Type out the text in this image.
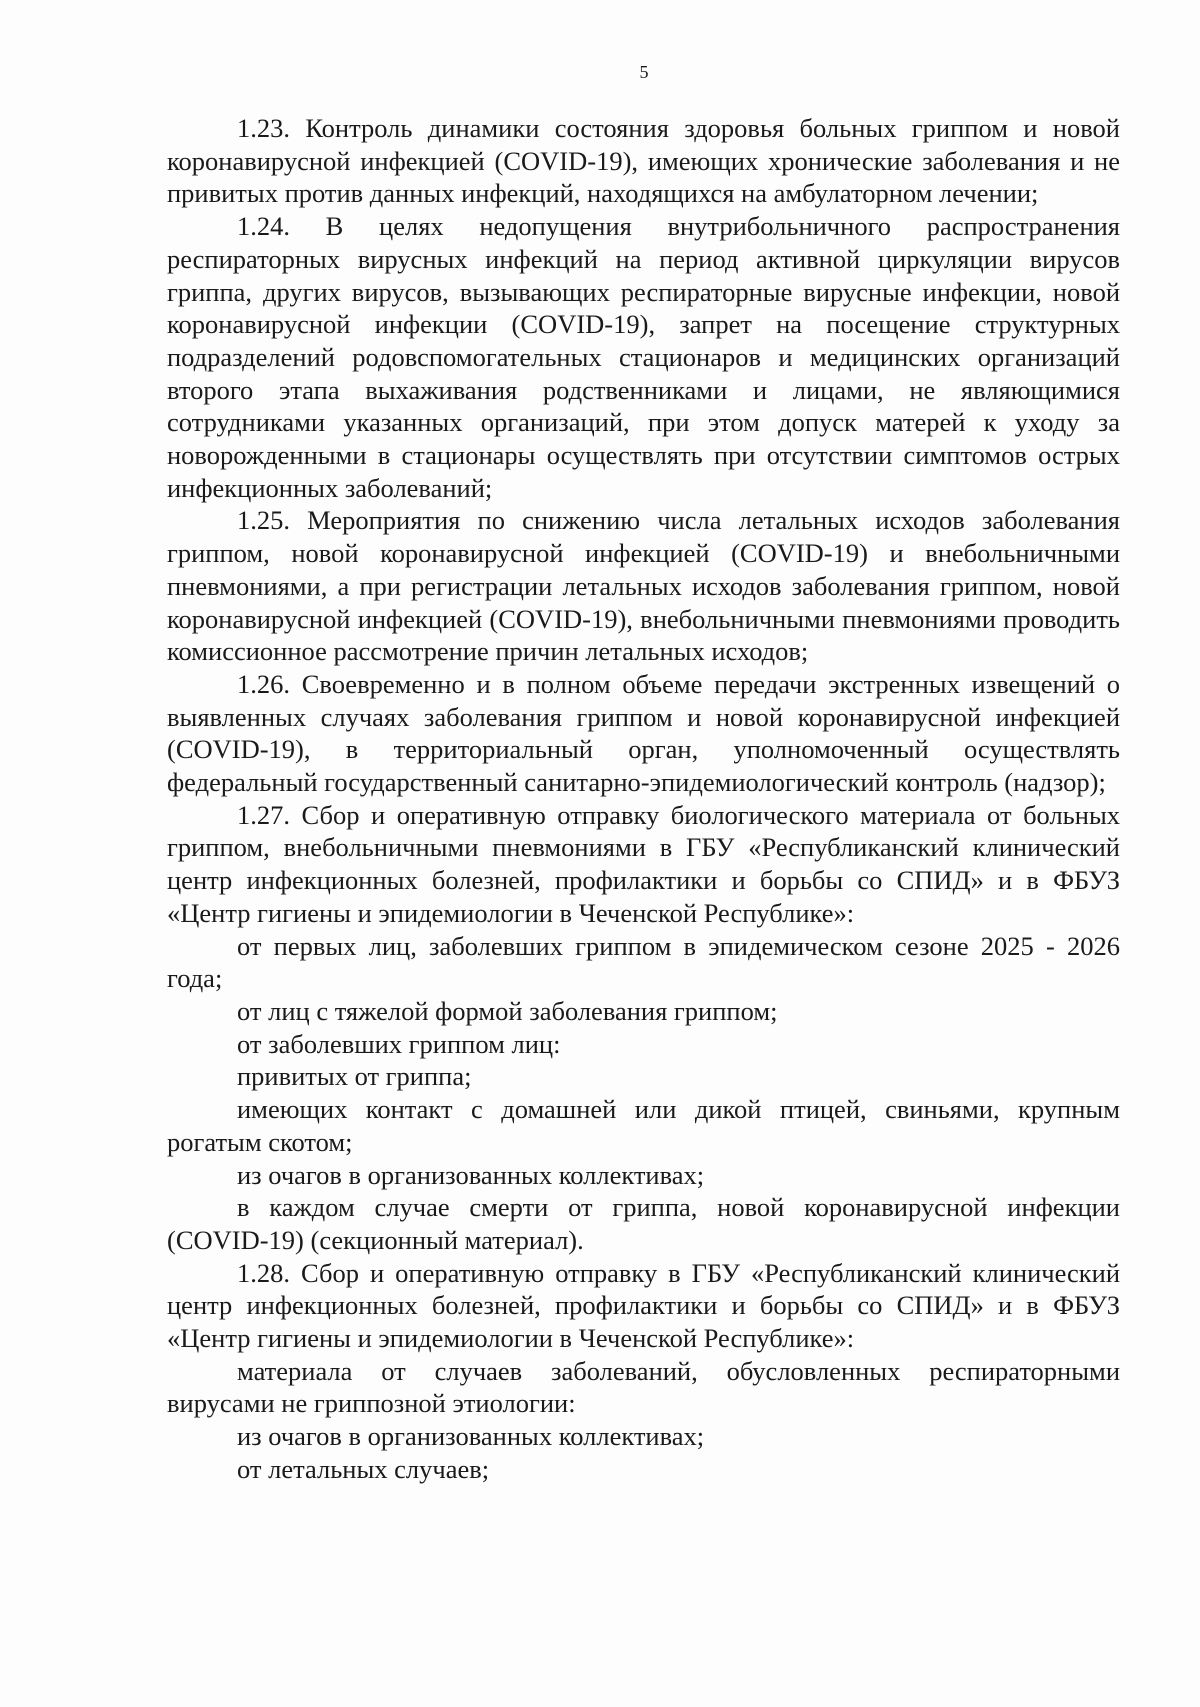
5

1.23. Контроль динамики состояния здоровья больных гриппом и новой коронавирусной инфекцией (COVID-19), имеющих хронические заболевания и не привитых против данных инфекций, находящихся на амбулаторном лечении;

1.24. В целях недопущения внутрибольничного распространения респираторных вирусных инфекций на период активной циркуляции вирусов гриппа, других вирусов, вызывающих респираторные вирусные инфекции, новой коронавирусной инфекции (COVID-19), запрет на посещение структурных подразделений родовспомогательных стационаров и медицинских организаций второго этапа выхаживания родственниками и лицами, не являющимися сотрудниками указанных организаций, при этом допуск матерей к уходу за новорожденными в стационары осуществлять при отсутствии симптомов острых инфекционных заболеваний;

1.25. Мероприятия по снижению числа летальных исходов заболевания гриппом, новой коронавирусной инфекцией (COVID-19) и внебольничными пневмониями, а при регистрации летальных исходов заболевания гриппом, новой коронавирусной инфекцией (COVID-19), внебольничными пневмониями проводить комиссионное рассмотрение причин летальных исходов;

1.26. Своевременно и в полном объеме передачи экстренных извещений о выявленных случаях заболевания гриппом и новой коронавирусной инфекцией (COVID-19), в территориальный орган, уполномоченный осуществлять федеральный государственный санитарно-эпидемиологический контроль (надзор);

1.27. Сбор и оперативную отправку биологического материала от больных гриппом, внебольничными пневмониями в ГБУ «Республиканский клинический центр инфекционных болезней, профилактики и борьбы со СПИД» и в ФБУЗ «Центр гигиены и эпидемиологии в Чеченской Республике»:

от первых лиц, заболевших гриппом в эпидемическом сезоне 2025 - 2026 года;

от лиц с тяжелой формой заболевания гриппом;

от заболевших гриппом лиц:

привитых от гриппа;

имеющих контакт с домашней или дикой птицей, свиньями, крупным рогатым скотом;

из очагов в организованных коллективах;

в каждом случае смерти от гриппа, новой коронавирусной инфекции (COVID-19) (секционный материал).

1.28. Сбор и оперативную отправку в ГБУ «Республиканский клинический центр инфекционных болезней, профилактики и борьбы со СПИД» и в ФБУЗ «Центр гигиены и эпидемиологии в Чеченской Республике»:

материала от случаев заболеваний, обусловленных респираторными вирусами не гриппозной этиологии:

из очагов в организованных коллективах;

от летальных случаев;
